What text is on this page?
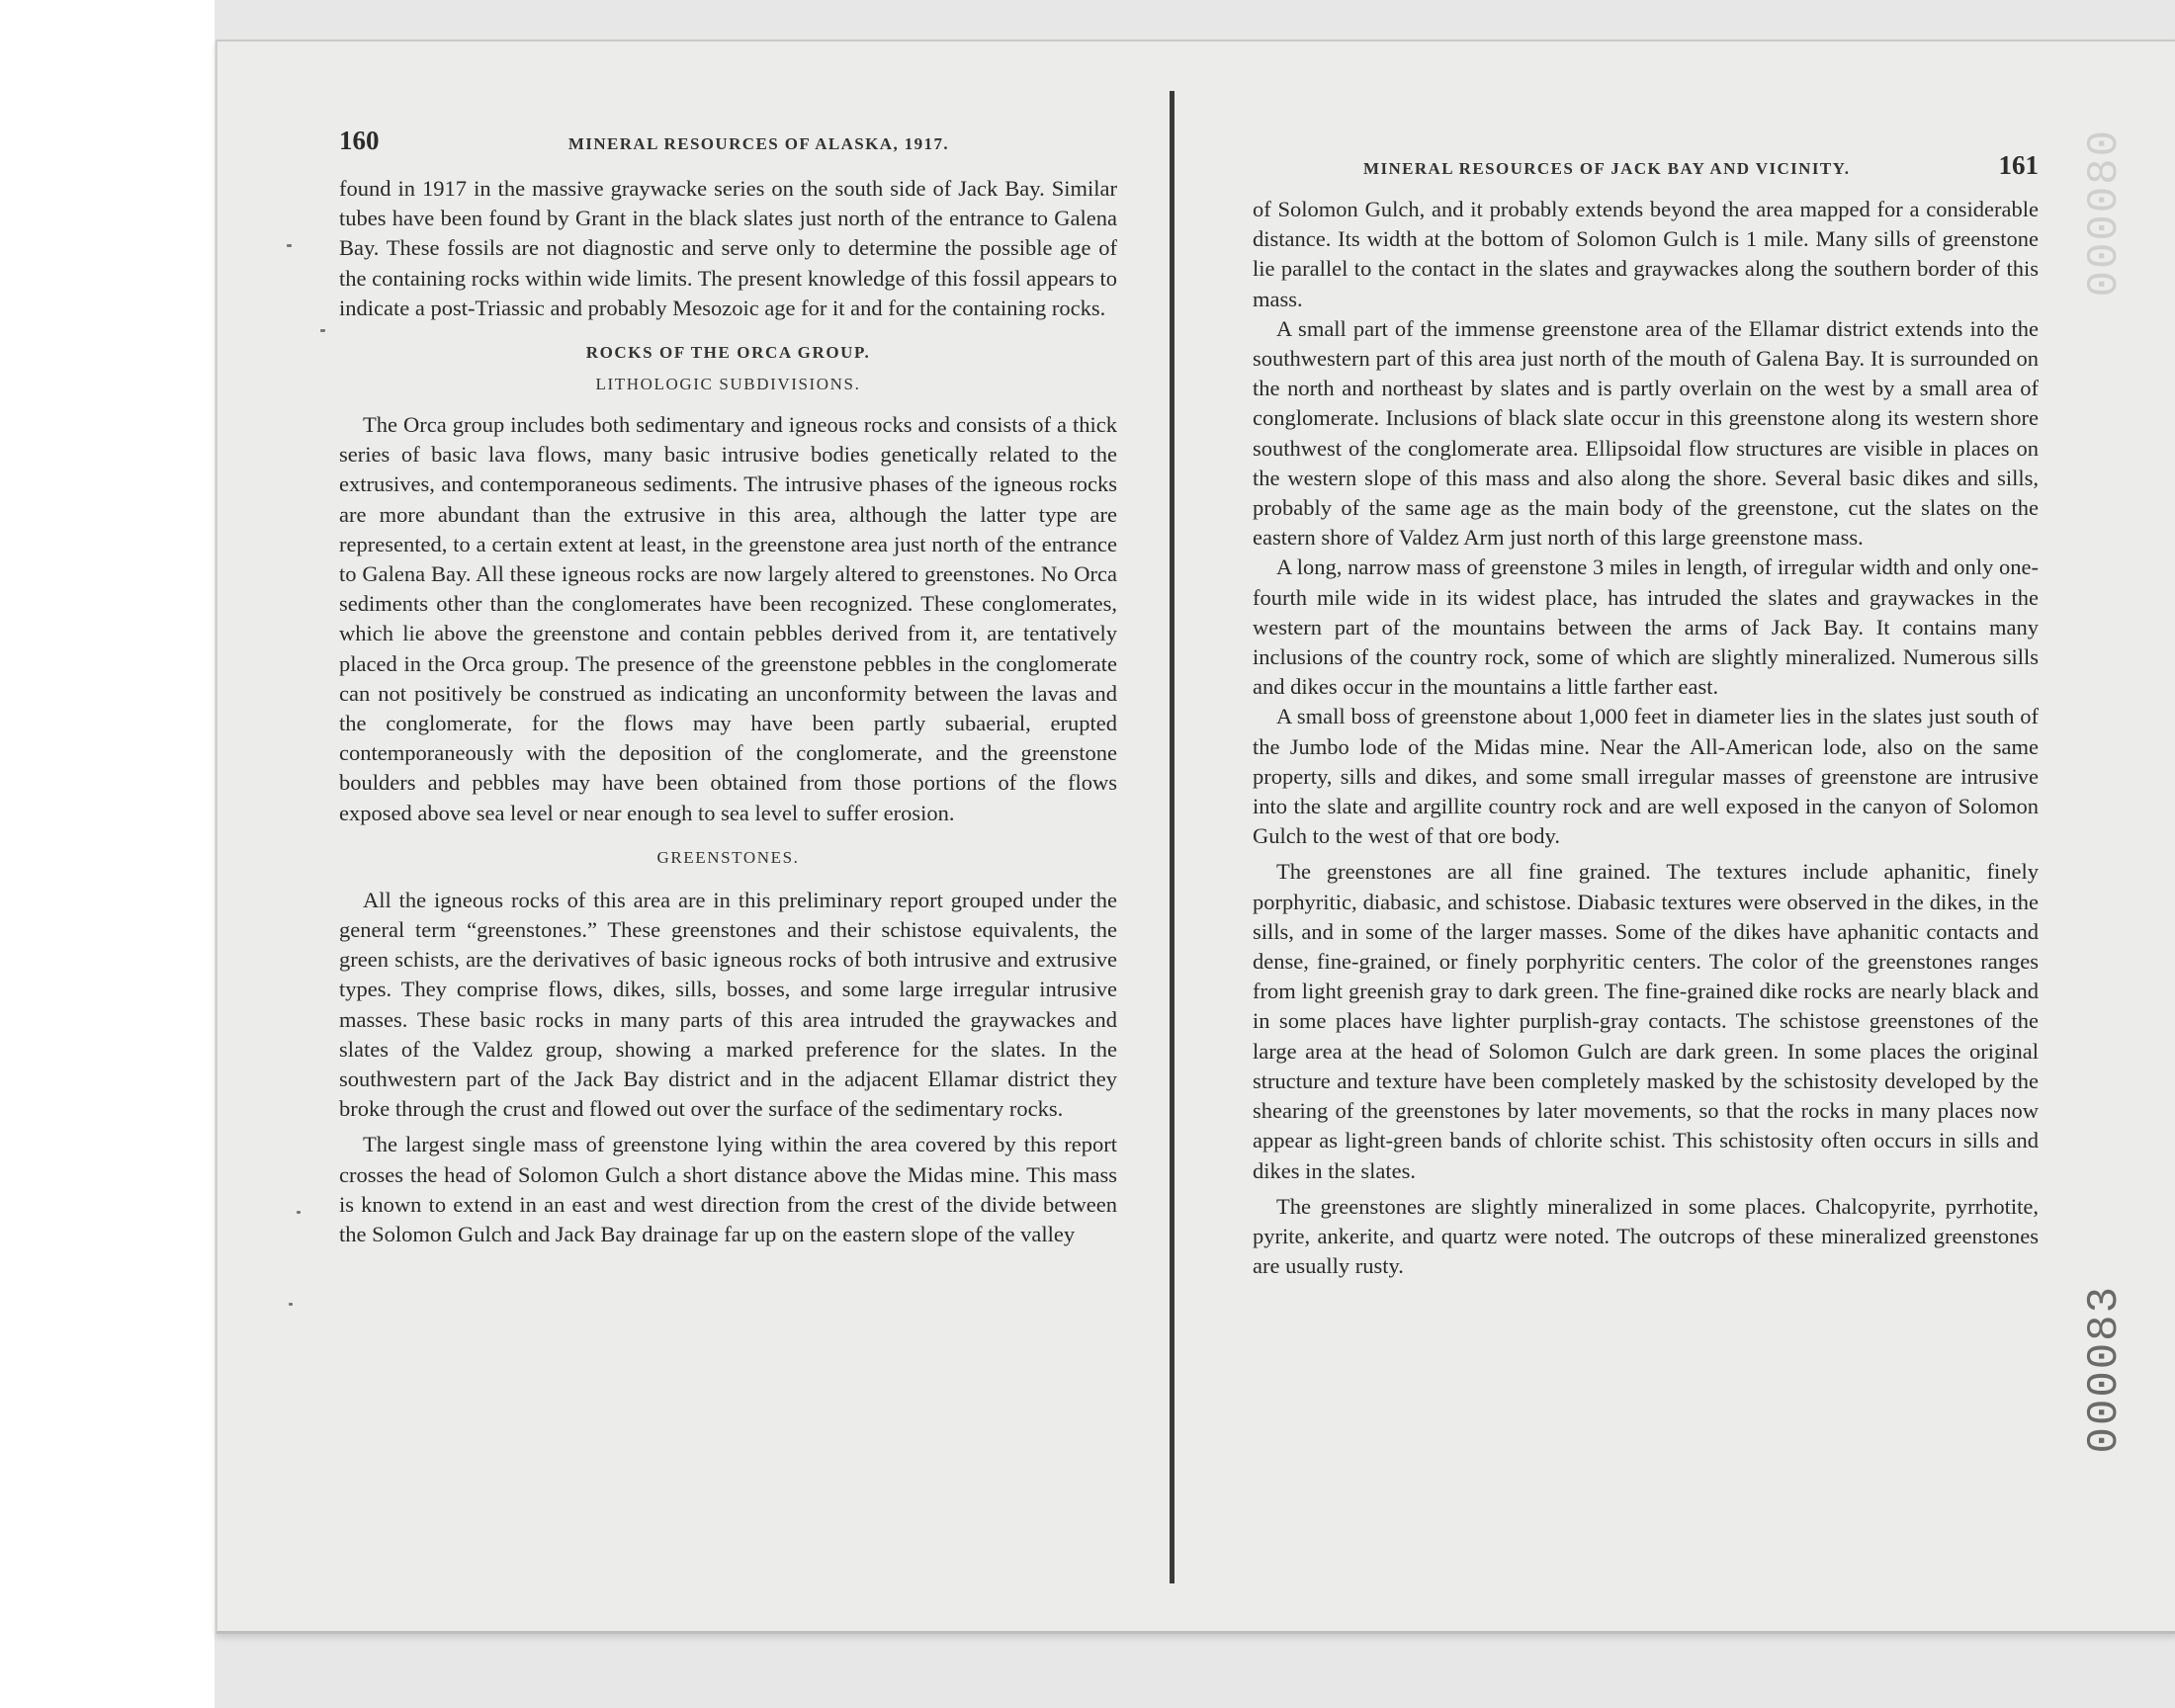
160	MINERAL RESOURCES OF ALASKA, 1917.

found in 1917 in the massive graywacke series on the south side of Jack Bay. Similar tubes have been found by Grant in the black slates just north of the entrance to Galena Bay. These fossils are not diagnostic and serve only to determine the possible age of the containing rocks within wide limits. The present knowledge of this fossil appears to indicate a post-Triassic and probably Mesozoic age for it and for the containing rocks.

ROCKS OF THE ORCA GROUP.
LITHOLOGIC SUBDIVISIONS.

The Orca group includes both sedimentary and igneous rocks and consists of a thick series of basic lava flows, many basic intrusive bodies genetically related to the extrusives, and contemporaneous sediments. The intrusive phases of the igneous rocks are more abundant than the extrusive in this area, although the latter type are represented, to a certain extent at least, in the greenstone area just north of the entrance to Galena Bay. All these igneous rocks are now largely altered to greenstones. No Orca sediments other than the conglomerates have been recognized. These conglomerates, which lie above the greenstone and contain pebbles derived from it, are tentatively placed in the Orca group. The presence of the greenstone pebbles in the conglomerate can not positively be construed as indicating an unconformity between the lavas and the conglomerate, for the flows may have been partly subaerial, erupted contemporaneously with the deposition of the conglomerate, and the greenstone boulders and pebbles may have been obtained from those portions of the flows exposed above sea level or near enough to sea level to suffer erosion.

GREENSTONES.

All the igneous rocks of this area are in this preliminary report grouped under the general term “greenstones.” These greenstones and their schistose equivalents, the green schists, are the derivatives of basic igneous rocks of both intrusive and extrusive types. They comprise flows, dikes, sills, bosses, and some large irregular intrusive masses. These basic rocks in many parts of this area intruded the graywackes and slates of the Valdez group, showing a marked preference for the slates. In the southwestern part of the Jack Bay district and in the adjacent Ellamar district they broke through the crust and flowed out over the surface of the sedimentary rocks.

The largest single mass of greenstone lying within the area covered by this report crosses the head of Solomon Gulch a short distance above the Midas mine. This mass is known to extend in an east and west direction from the crest of the divide between the Solomon Gulch and Jack Bay drainage far up on the eastern slope of the valley

MINERAL RESOURCES OF JACK BAY AND VICINITY.	161

of Solomon Gulch, and it probably extends beyond the area mapped for a considerable distance. Its width at the bottom of Solomon Gulch is 1 mile. Many sills of greenstone lie parallel to the contact in the slates and graywackes along the southern border of this mass.

A small part of the immense greenstone area of the Ellamar district extends into the southwestern part of this area just north of the mouth of Galena Bay. It is surrounded on the north and northeast by slates and is partly overlain on the west by a small area of conglomerate. Inclusions of black slate occur in this greenstone along its western shore southwest of the conglomerate area. Ellipsoidal flow structures are visible in places on the western slope of this mass and also along the shore. Several basic dikes and sills, probably of the same age as the main body of the greenstone, cut the slates on the eastern shore of Valdez Arm just north of this large greenstone mass.

A long, narrow mass of greenstone 3 miles in length, of irregular width and only one-fourth mile wide in its widest place, has intruded the slates and graywackes in the western part of the mountains between the arms of Jack Bay. It contains many inclusions of the country rock, some of which are slightly mineralized. Numerous sills and dikes occur in the mountains a little farther east.

A small boss of greenstone about 1,000 feet in diameter lies in the slates just south of the Jumbo lode of the Midas mine. Near the All-American lode, also on the same property, sills and dikes, and some small irregular masses of greenstone are intrusive into the slate and argillite country rock and are well exposed in the canyon of Solomon Gulch to the west of that ore body.

The greenstones are all fine grained. The textures include aphanitic, finely porphyritic, diabasic, and schistose. Diabasic textures were observed in the dikes, in the sills, and in some of the larger masses. Some of the dikes have aphanitic contacts and dense, fine-grained, or finely porphyritic centers. The color of the greenstones ranges from light greenish gray to dark green. The fine-grained dike rocks are nearly black and in some places have lighter purplish-gray contacts. The schistose greenstones of the large area at the head of Solomon Gulch are dark green. In some places the original structure and texture have been completely masked by the schistosity developed by the shearing of the greenstones by later movements, so that the rocks in many places now appear as light-green bands of chlorite schist. This schistosity often occurs in sills and dikes in the slates.

The greenstones are slightly mineralized in some places. Chalcopyrite, pyrrhotite, pyrite, ankerite, and quartz were noted. The outcrops of these mineralized greenstones are usually rusty.

000080
000083
